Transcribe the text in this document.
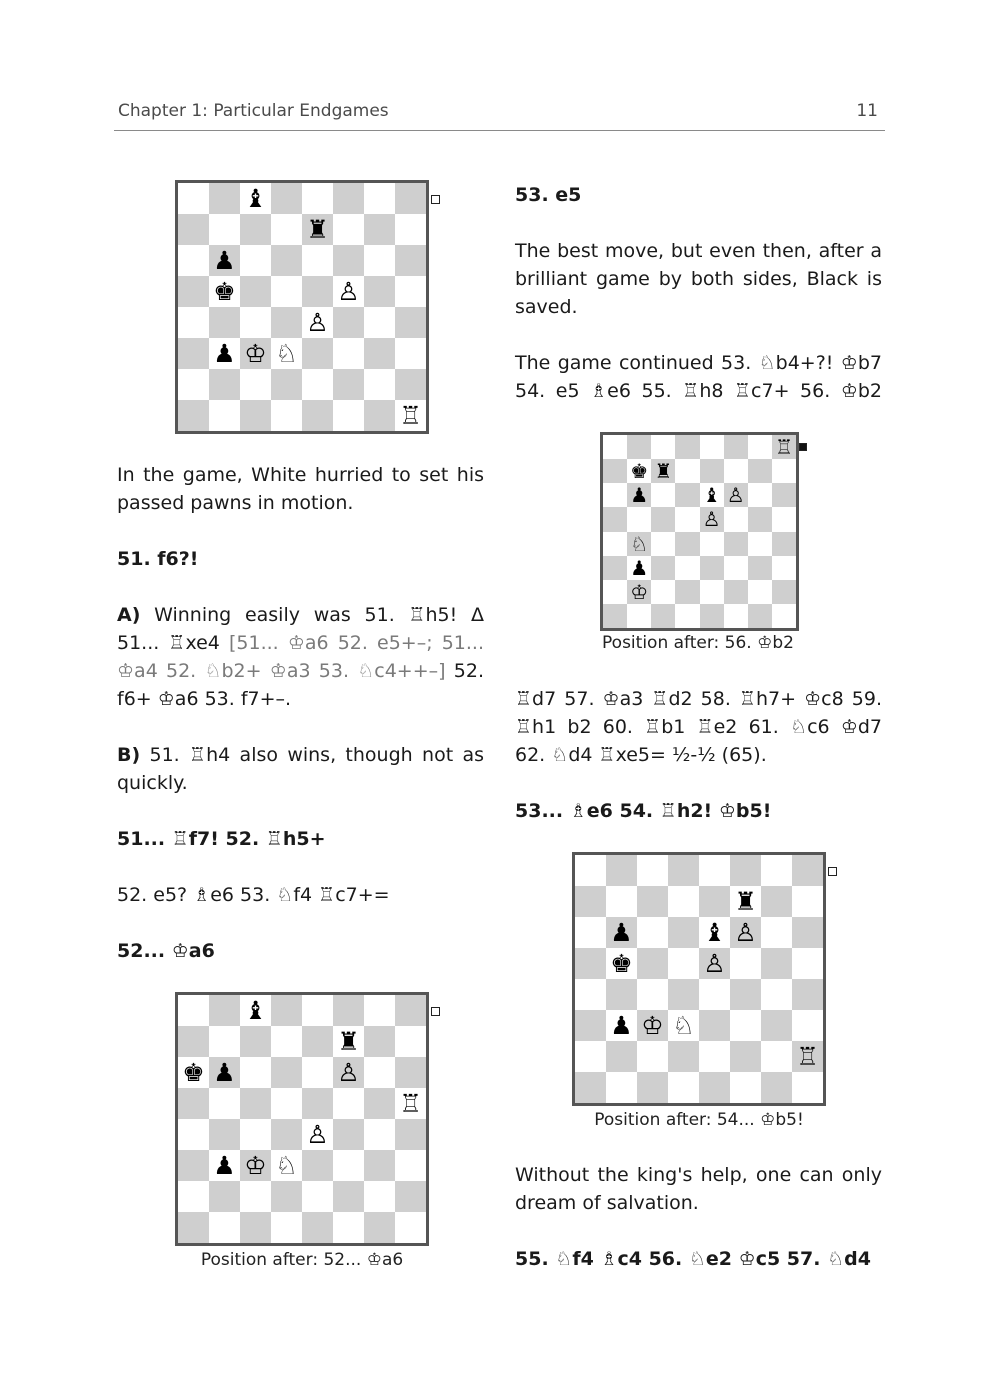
Chapter 1: Particular Endgames	11
♝
♜
♟
♚	♙
♙
♟ ♔ ♘
♖
In the game, White hurried to set his passed pawns in motion.
51. f6?!
A) Winning easily was 51. ♖h5! Δ 51... ♖xe4 [51... ♔a6 52. e5+–; 51... ♔a4 52. ♘b2+ ♔a3 53. ♘c4++–] 52. f6+ ♔a6 53. f7+–.
B) 51. ♖h4 also wins, though not as quickly.
51... ♖f7! 52. ♖h5+
52. e5? ♗e6 53. ♘f4 ♖c7+=
52... ♔a6
♝
♜
♚ ♟	♙
♖
♙
♟ ♔ ♘
Position after: 52... ♔a6
53. e5
The best move, but even then, after a brilliant game by both sides, Black is saved.
The game continued 53. ♘b4+?! ♔b7 54. e5 ♗e6 55. ♖h8 ♖c7+ 56. ♔b2
♖
♚ ♜
♟	♝ ♙
♙
♘
♟
♔
Position after: 56. ♔b2
♖d7 57. ♔a3 ♖d2 58. ♖h7+ ♔c8 59. ♖h1 b2 60. ♖b1 ♖e2 61. ♘c6 ♔d7 62. ♘d4 ♖xe5= ½-½ (65).
53... ♗e6 54. ♖h2! ♔b5!
♜
♟	♝ ♙
♚	♙
♟ ♔ ♘
♖
Position after: 54... ♔b5!
Without the king's help, one can only dream of salvation.
55. ♘f4 ♗c4 56. ♘e2 ♔c5 57. ♘d4
